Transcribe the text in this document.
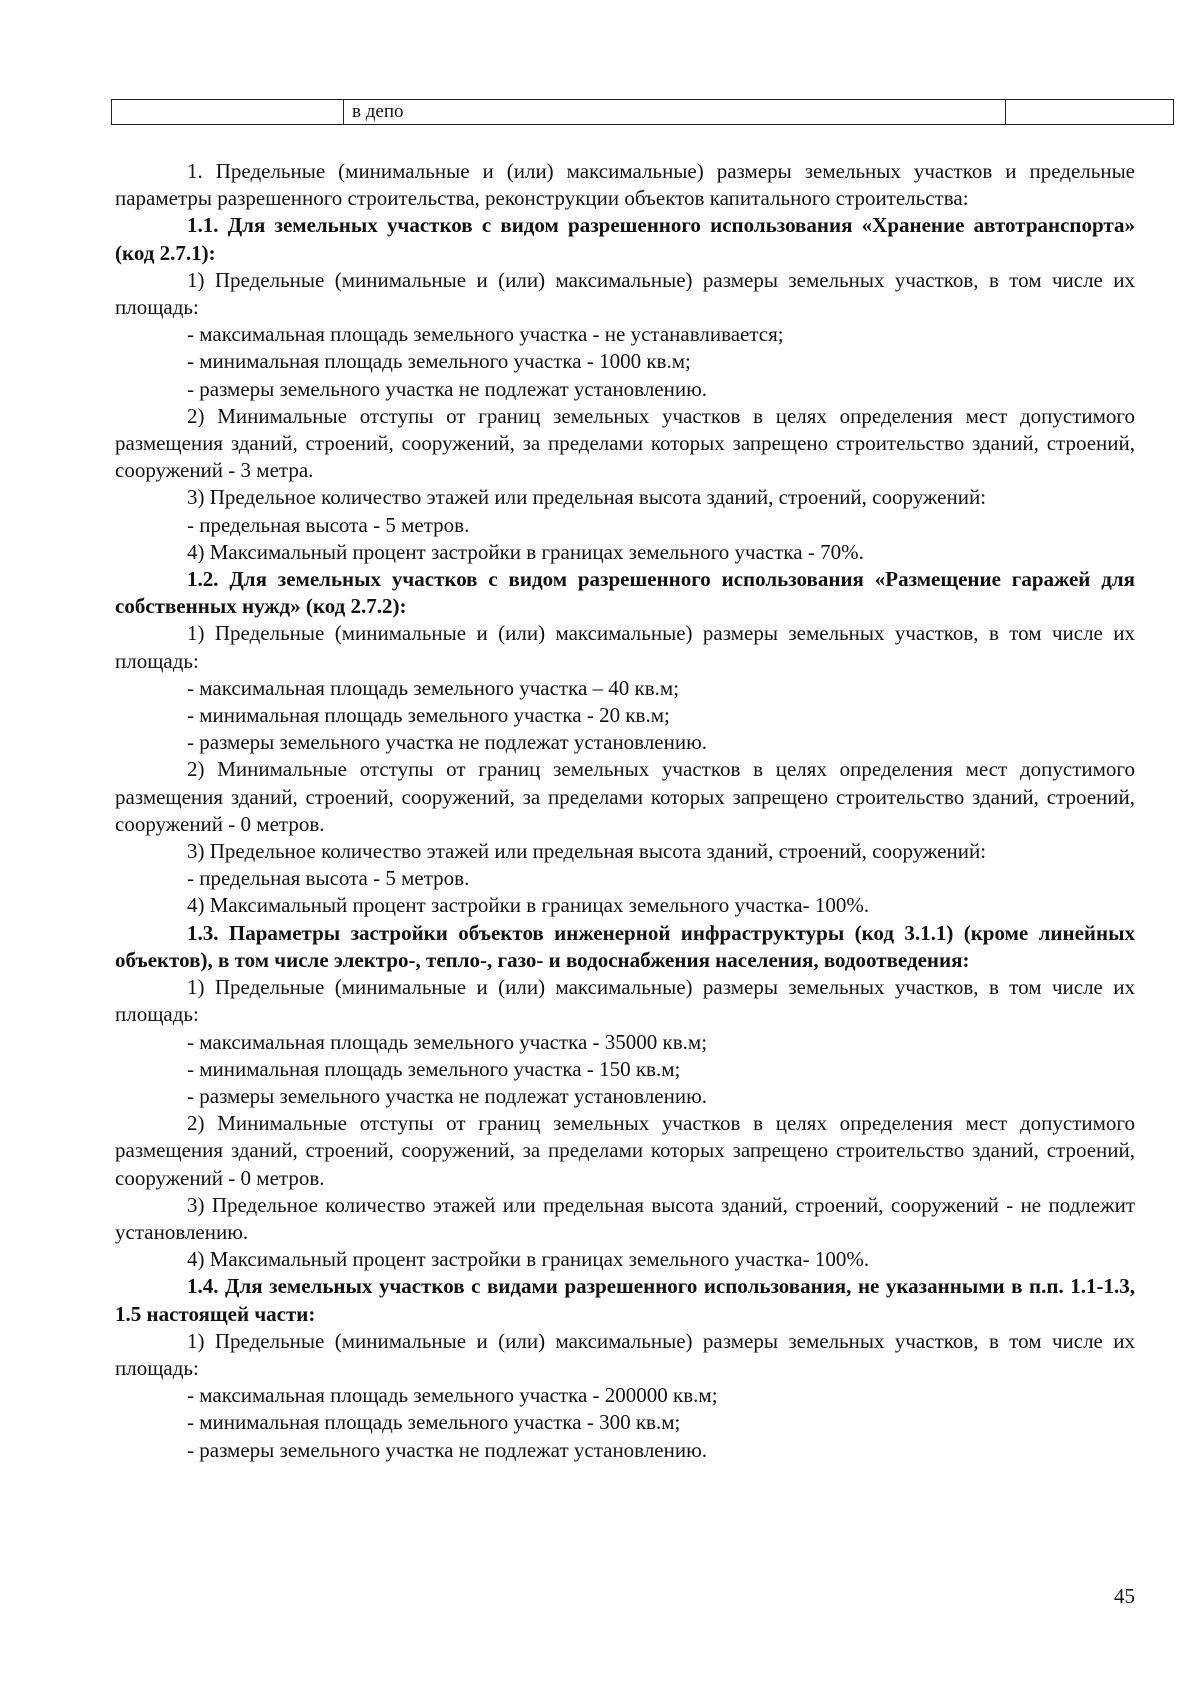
	в депо	

1. Предельные (минимальные и (или) максимальные) размеры земельных участков и предельные параметры разрешенного строительства, реконструкции объектов капитального строительства:

1.1. Для земельных участков с видом разрешенного использования «Хранение автотранспорта» (код 2.7.1):

1) Предельные (минимальные и (или) максимальные) размеры земельных участков, в том числе их площадь:

- максимальная площадь земельного участка - не устанавливается;

- минимальная площадь земельного участка - 1000 кв.м;

- размеры земельного участка не подлежат установлению.

2) Минимальные отступы от границ земельных участков в целях определения мест допустимого размещения зданий, строений, сооружений, за пределами которых запрещено строительство зданий, строений, сооружений - 3 метра.

3) Предельное количество этажей или предельная высота зданий, строений, сооружений:

- предельная высота - 5 метров.

4) Максимальный процент застройки в границах земельного участка - 70%.

1.2. Для земельных участков с видом разрешенного использования «Размещение гаражей для собственных нужд» (код 2.7.2):

1) Предельные (минимальные и (или) максимальные) размеры земельных участков, в том числе их площадь:

- максимальная площадь земельного участка – 40 кв.м;

- минимальная площадь земельного участка - 20 кв.м;

- размеры земельного участка не подлежат установлению.

2) Минимальные отступы от границ земельных участков в целях определения мест допустимого размещения зданий, строений, сооружений, за пределами которых запрещено строительство зданий, строений, сооружений - 0 метров.

3) Предельное количество этажей или предельная высота зданий, строений, сооружений:

- предельная высота - 5 метров.

4) Максимальный процент застройки в границах земельного участка- 100%.

1.3. Параметры застройки объектов инженерной инфраструктуры (код 3.1.1) (кроме линейных объектов), в том числе электро-, тепло-, газо- и водоснабжения населения, водоотведения:

1) Предельные (минимальные и (или) максимальные) размеры земельных участков, в том числе их площадь:

- максимальная площадь земельного участка - 35000 кв.м;

- минимальная площадь земельного участка - 150 кв.м;

- размеры земельного участка не подлежат установлению.

2) Минимальные отступы от границ земельных участков в целях определения мест допустимого размещения зданий, строений, сооружений, за пределами которых запрещено строительство зданий, строений, сооружений - 0 метров.

3) Предельное количество этажей или предельная высота зданий, строений, сооружений - не подлежит установлению.

4) Максимальный процент застройки в границах земельного участка- 100%.

1.4. Для земельных участков с видами разрешенного использования, не указанными в п.п. 1.1-1.3, 1.5 настоящей части:

1) Предельные (минимальные и (или) максимальные) размеры земельных участков, в том числе их площадь:

- максимальная площадь земельного участка - 200000 кв.м;

- минимальная площадь земельного участка - 300 кв.м;

- размеры земельного участка не подлежат установлению.

45
